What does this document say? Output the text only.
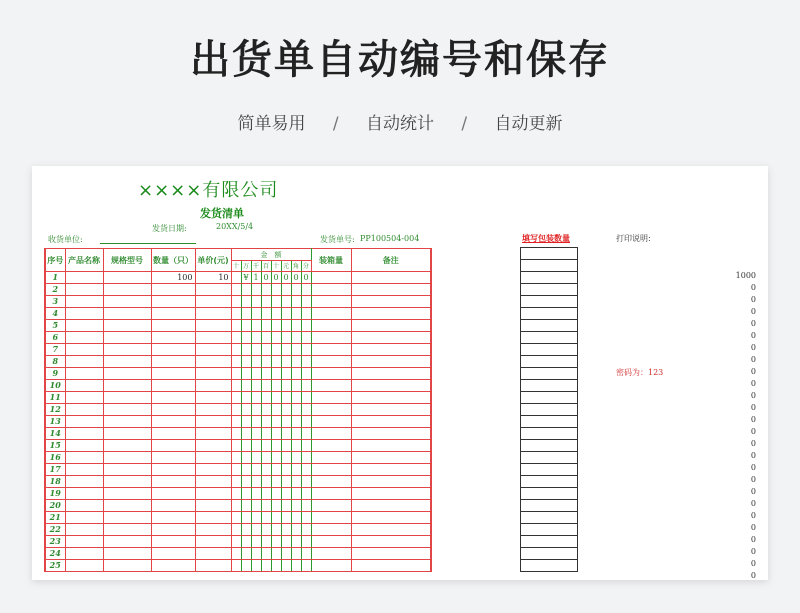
出货单自动编号和保存
简单易用 / 自动统计 / 自动更新
××××有限公司
发货清单
发货日期:	20XX/5/4
收货单位:	发货单号: PP100504-004
序号	产品名称	规格型号	数量（只）	单价(元)	金　额								装箱量	备注
					十	万	千	百	十	元	角	分		
1			100	10		¥	1	0	0	0	0	0		
2														
3														
4														
5														
6														
7														
8														
9														
10														
11														
12														
13														
14														
15														
16														
17														
18														
19														
20														
21														
22														
23														
24														
25														
填写包装数量	打印说明:
密码为：123
1000
0
0
0
0
0
0
0
0
0
0
0
0
0
0
0
0
0
0
0
0
0
0
0
0
0
